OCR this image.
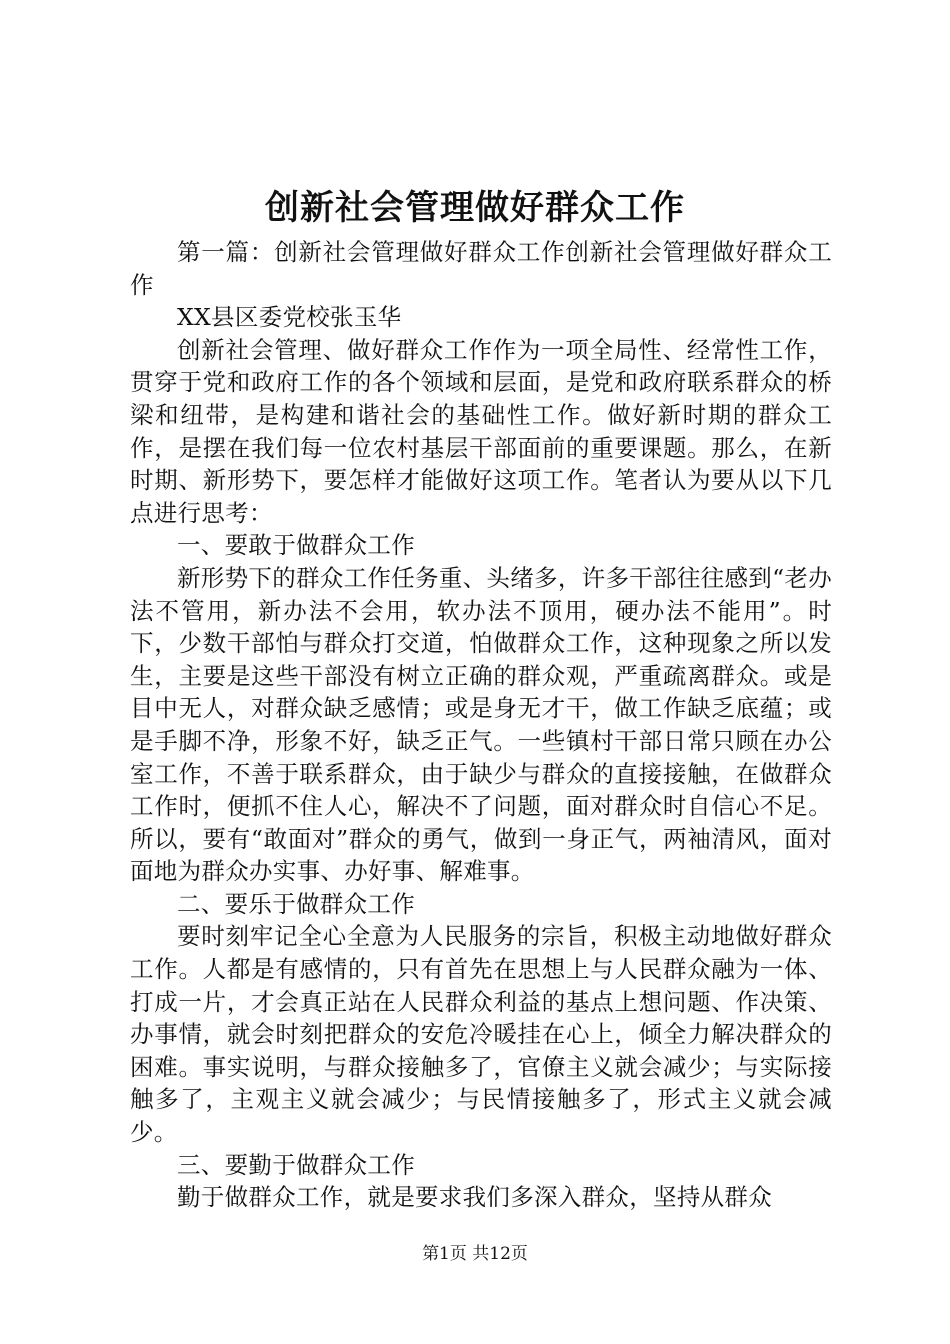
创新社会管理做好群众工作

第一篇：创新社会管理做好群众工作创新社会管理做好群众工作

XX县区委党校张玉华

创新社会管理、做好群众工作作为一项全局性、经常性工作，贯穿于党和政府工作的各个领域和层面，是党和政府联系群众的桥梁和纽带，是构建和谐社会的基础性工作。做好新时期的群众工作，是摆在我们每一位农村基层干部面前的重要课题。那么，在新时期、新形势下，要怎样才能做好这项工作。笔者认为要从以下几点进行思考：

一、要敢于做群众工作

新形势下的群众工作任务重、头绪多，许多干部往往感到“老办法不管用，新办法不会用，软办法不顶用，硬办法不能用”。时下，少数干部怕与群众打交道，怕做群众工作，这种现象之所以发生，主要是这些干部没有树立正确的群众观，严重疏离群众。或是目中无人，对群众缺乏感情；或是身无才干，做工作缺乏底蕴；或是手脚不净，形象不好，缺乏正气。一些镇村干部日常只顾在办公室工作，不善于联系群众，由于缺少与群众的直接接触，在做群众工作时，便抓不住人心，解决不了问题，面对群众时自信心不足。所以，要有“敢面对”群众的勇气，做到一身正气，两袖清风，面对面地为群众办实事、办好事、解难事。

二、要乐于做群众工作

要时刻牢记全心全意为人民服务的宗旨，积极主动地做好群众工作。人都是有感情的，只有首先在思想上与人民群众融为一体、打成一片，才会真正站在人民群众利益的基点上想问题、作决策、办事情，就会时刻把群众的安危冷暖挂在心上，倾全力解决群众的困难。事实说明，与群众接触多了，官僚主义就会减少；与实际接触多了，主观主义就会减少；与民情接触多了，形式主义就会减少。

三、要勤于做群众工作

勤于做群众工作，就是要求我们多深入群众，坚持从群众

第1页 共12页
